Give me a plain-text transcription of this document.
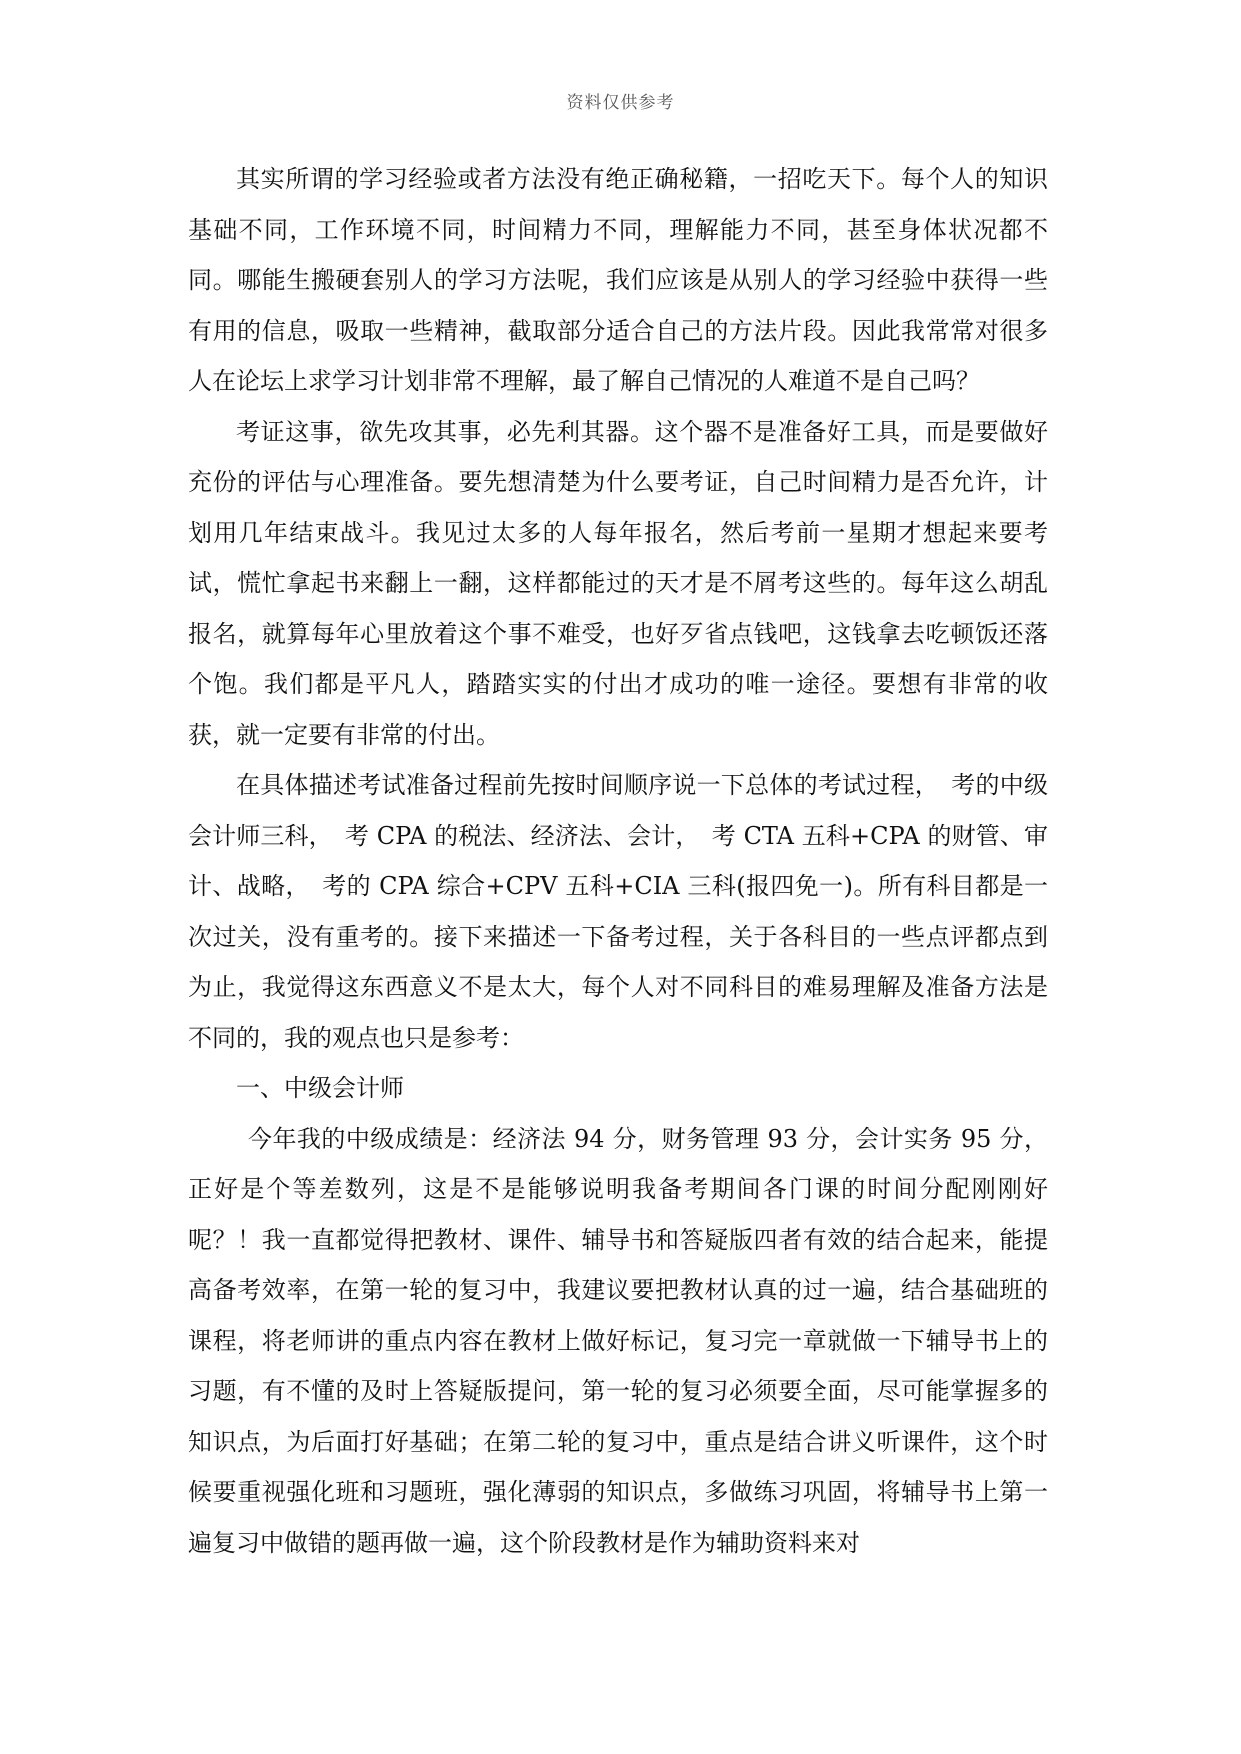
资料仅供参考

其实所谓的学习经验或者方法没有绝正确秘籍，一招吃天下。每个人的知识基础不同，工作环境不同，时间精力不同，理解能力不同，甚至身体状况都不同。哪能生搬硬套别人的学习方法呢，我们应该是从别人的学习经验中获得一些有用的信息，吸取一些精神，截取部分适合自己的方法片段。因此我常常对很多人在论坛上求学习计划非常不理解，最了解自己情况的人难道不是自己吗？

考证这事，欲先攻其事，必先利其器。这个器不是准备好工具，而是要做好充份的评估与心理准备。要先想清楚为什么要考证，自己时间精力是否允许，计划用几年结束战斗。我见过太多的人每年报名，然后考前一星期才想起来要考试，慌忙拿起书来翻上一翻，这样都能过的天才是不屑考这些的。每年这么胡乱报名，就算每年心里放着这个事不难受，也好歹省点钱吧，这钱拿去吃顿饭还落个饱。我们都是平凡人，踏踏实实的付出才成功的唯一途径。要想有非常的收获，就一定要有非常的付出。

在具体描述考试准备过程前先按时间顺序说一下总体的考试过程，　考的中级会计师三科，　考 CPA 的税法、经济法、会计，　考 CTA 五科+CPA 的财管、审计、战略，　考的 CPA 综合+CPV 五科+CIA 三科(报四免一)。所有科目都是一次过关，没有重考的。接下来描述一下备考过程，关于各科目的一些点评都点到为止，我觉得这东西意义不是太大，每个人对不同科目的难易理解及准备方法是不同的，我的观点也只是参考：

一、中级会计师

今年我的中级成绩是：经济法 94 分，财务管理 93 分，会计实务 95 分，正好是个等差数列，这是不是能够说明我备考期间各门课的时间分配刚刚好呢？！我一直都觉得把教材、课件、辅导书和答疑版四者有效的结合起来，能提高备考效率，在第一轮的复习中，我建议要把教材认真的过一遍，结合基础班的课程，将老师讲的重点内容在教材上做好标记，复习完一章就做一下辅导书上的习题，有不懂的及时上答疑版提问，第一轮的复习必须要全面，尽可能掌握多的知识点，为后面打好基础；在第二轮的复习中，重点是结合讲义听课件，这个时候要重视强化班和习题班，强化薄弱的知识点，多做练习巩固，将辅导书上第一遍复习中做错的题再做一遍，这个阶段教材是作为辅助资料来对
